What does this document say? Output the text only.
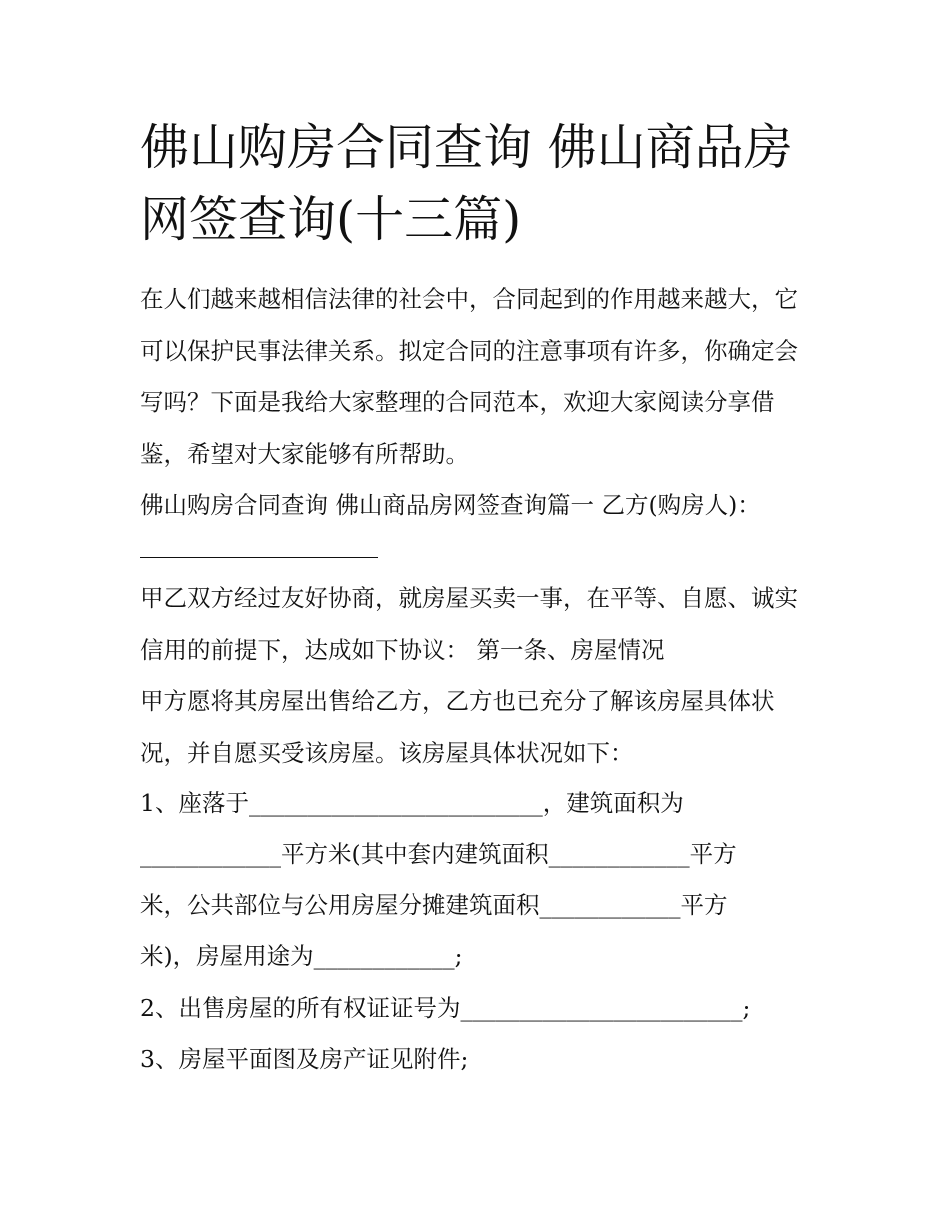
佛山购房合同查询 佛山商品房网签查询(十三篇)

在人们越来越相信法律的社会中，合同起到的作用越来越大，它可以保护民事法律关系。拟定合同的注意事项有许多，你确定会写吗？下面是我给大家整理的合同范本，欢迎大家阅读分享借鉴，希望对大家能够有所帮助。

佛山购房合同查询 佛山商品房网签查询篇一 乙方(购房人)：

甲乙双方经过友好协商，就房屋买卖一事，在平等、自愿、诚实信用的前提下，达成如下协议： 第一条、房屋情况

甲方愿将其房屋出售给乙方，乙方也已充分了解该房屋具体状况，并自愿买受该房屋。该房屋具体状况如下：

1、座落于_________________________，建筑面积为
____________平方米(其中套内建筑面积____________平方
米，公共部位与公用房屋分摊建筑面积____________平方
米)，房屋用途为____________;
2、出售房屋的所有权证证号为________________________;
3、房屋平面图及房产证见附件;
